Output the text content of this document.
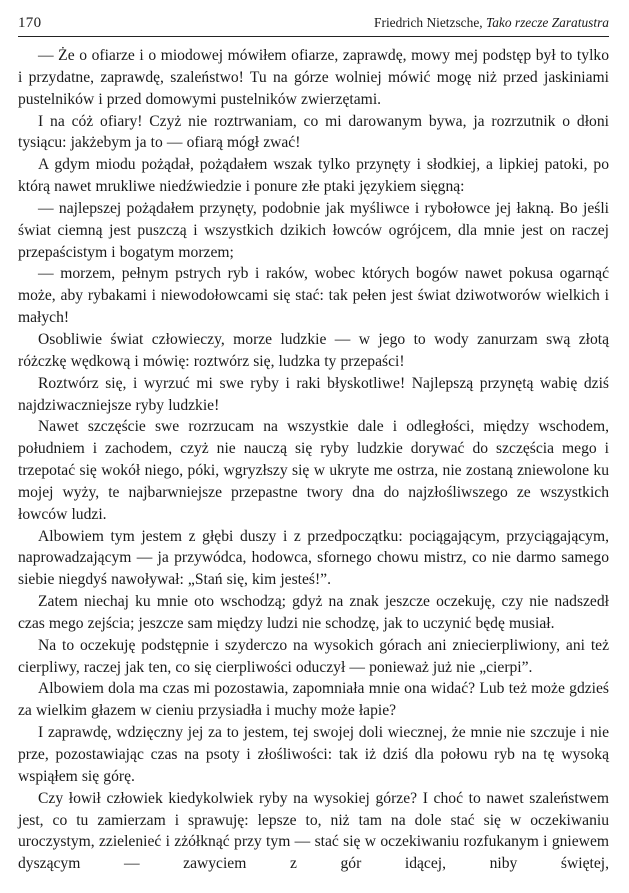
170	Friedrich Nietzsche, Tako rzecze Zaratustra

— Że o ofiarze i o miodowej mówiłem ofiarze, zaprawdę, mowy mej podstęp był to tylko i przydatne, zaprawdę, szaleństwo! Tu na górze wolniej mówić mogę niż przed jaskiniami pustelników i przed domowymi pustelników zwierzętami.

I na cóż ofiary! Czyż nie roztrwaniam, co mi darowanym bywa, ja rozrzutnik o dłoni tysiącu: jakżebym ja to — ofiarą mógł zwać!

A gdym miodu pożądał, pożądałem wszak tylko przynęty i słodkiej, a lipkiej patoki, po którą nawet mrukliwe niedźwiedzie i ponure złe ptaki językiem sięgną:

— najlepszej pożądałem przynęty, podobnie jak myśliwce i rybołowce jej łakną. Bo jeśli świat ciemną jest puszczą i wszystkich dzikich łowców ogrójcem, dla mnie jest on raczej przepaścistym i bogatym morzem;

— morzem, pełnym pstrych ryb i raków, wobec których bogów nawet pokusa ogarnąć może, aby rybakami i niewodołowcami się stać: tak pełen jest świat dziwotworów wielkich i małych!

Osobliwie świat człowieczy, morze ludzkie — w jego to wody zanurzam swą złotą różczkę wędkową i mówię: roztwórz się, ludzka ty przepaści!

Roztwórz się, i wyrzuć mi swe ryby i raki błyskotliwe! Najlepszą przynętą wabię dziś najdziwaczniejsze ryby ludzkie!

Nawet szczęście swe rozrzucam na wszystkie dale i odległości, między wschodem, południem i zachodem, czyż nie nauczą się ryby ludzkie dorywać do szczęścia mego i trzepotać się wokół niego, póki, wgryzłszy się w ukryte me ostrza, nie zostaną zniewolone ku mojej wyży, te najbarwniejsze przepastne twory dna do najzłośliwszego ze wszystkich łowców ludzi.

Albowiem tym jestem z głębi duszy i z przedpoczątku: pociągającym, przyciągającym, naprowadzającym — ja przywódca, hodowca, sfornego chowu mistrz, co nie darmo samego siebie niegdyś nawoływał: „Stań się, kim jesteś!”.

Zatem niechaj ku mnie oto wschodzą; gdyż na znak jeszcze oczekuję, czy nie nadszedł czas mego zejścia; jeszcze sam między ludzi nie schodzę, jak to uczynić będę musiał.

Na to oczekuję podstępnie i szyderczo na wysokich górach ani zniecierpliwiony, ani też cierpliwy, raczej jak ten, co się cierpliwości oduczył — ponieważ już nie „cierpi”.

Albowiem dola ma czas mi pozostawia, zapomniała mnie ona widać? Lub też może gdzieś za wielkim głazem w cieniu przysiadła i muchy może łapie?

I zaprawdę, wdzięczny jej za to jestem, tej swojej doli wiecznej, że mnie nie szczuje i nie prze, pozostawiając czas na psoty i złośliwości: tak iż dziś dla połowu ryb na tę wysoką wspiąłem się górę.

Czy łowił człowiek kiedykolwiek ryby na wysokiej górze? I choć to nawet szaleństwem jest, co tu zamierzam i sprawuję: lepsze to, niż tam na dole stać się w oczekiwaniu uroczystym, zzielenieć i zżółknąć przy tym — stać się w oczekiwaniu rozfukanym i gniewem dyszącym — zawyciem z gór idącej, niby świętej,
